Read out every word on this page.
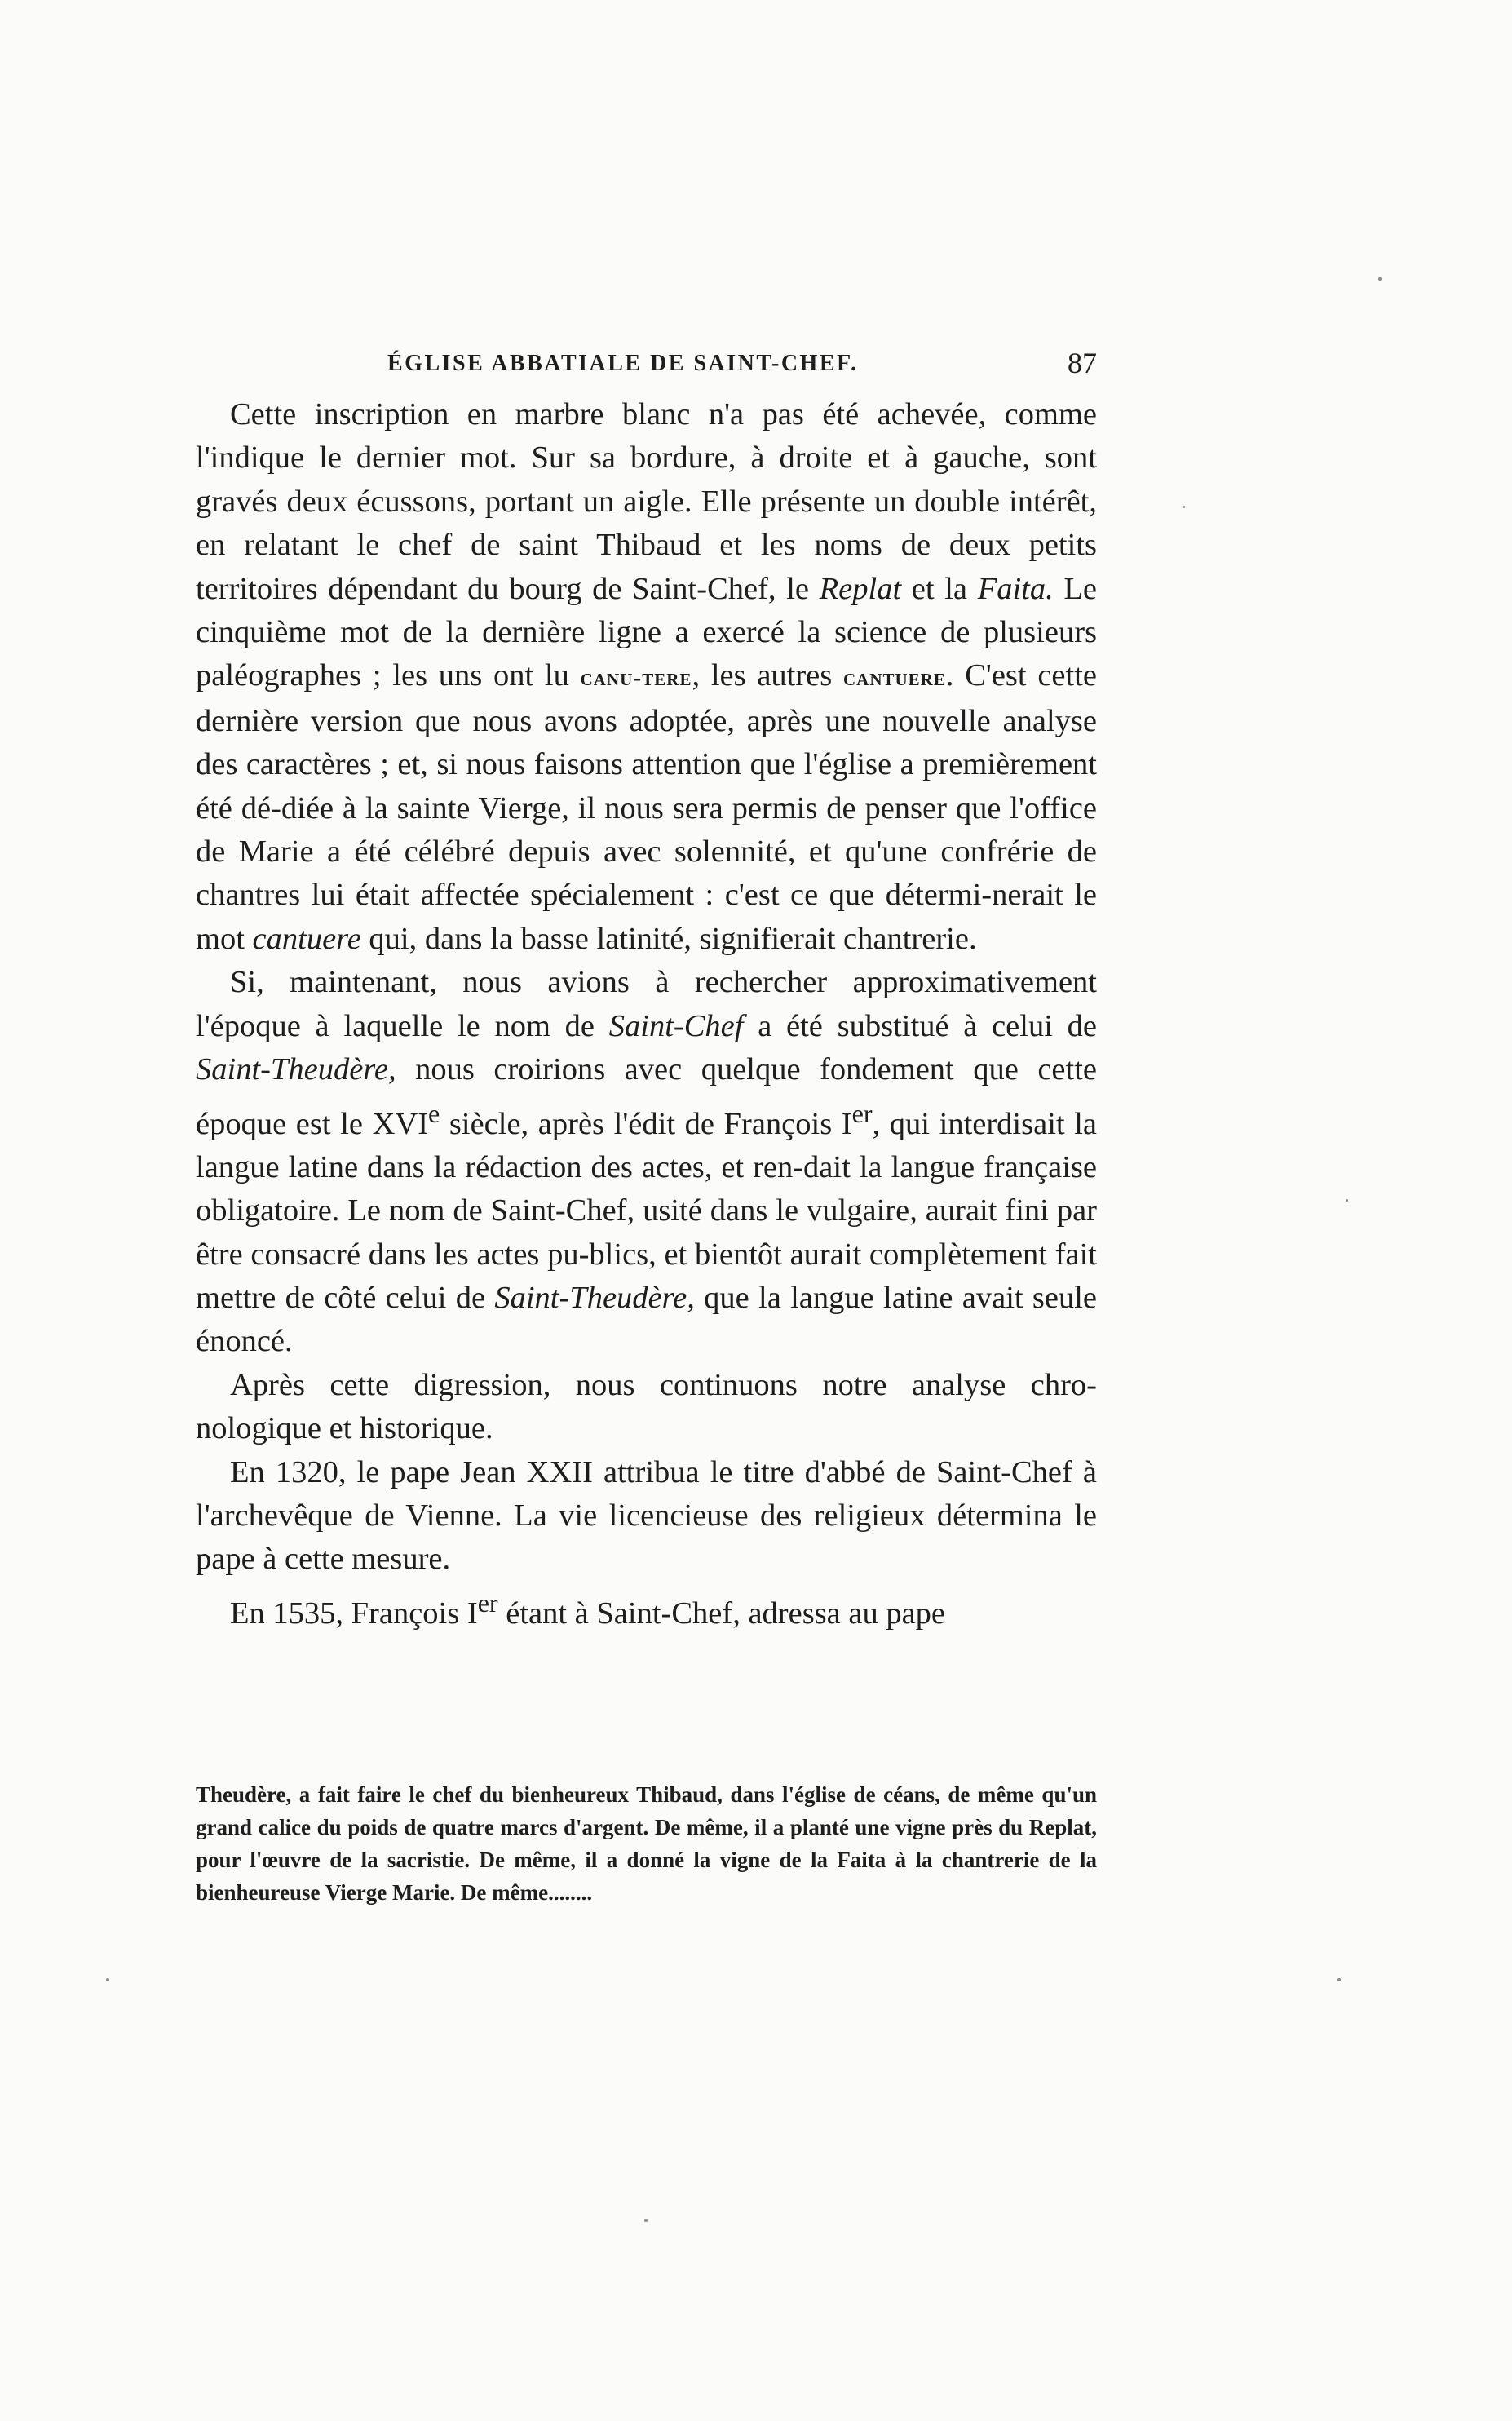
ÉGLISE ABBATIALE DE SAINT-CHEF.	87

Cette inscription en marbre blanc n'a pas été achevée, comme l'indique le dernier mot. Sur sa bordure, à droite et à gauche, sont gravés deux écussons, portant un aigle. Elle présente un double intérêt, en relatant le chef de saint Thibaud et les noms de deux petits territoires dépendant du bourg de Saint-Chef, le Replat et la Faita. Le cinquième mot de la dernière ligne a exercé la science de plusieurs paléographes ; les uns ont lu canu-tere, les autres cantuere. C'est cette dernière version que nous avons adoptée, après une nouvelle analyse des caractères ; et, si nous faisons attention que l'église a premièrement été dé-diée à la sainte Vierge, il nous sera permis de penser que l'office de Marie a été célébré depuis avec solennité, et qu'une confrérie de chantres lui était affectée spécialement : c'est ce que détermi-nerait le mot cantuere qui, dans la basse latinité, signifierait chantrerie.

Si, maintenant, nous avions à rechercher approximativement l'époque à laquelle le nom de Saint-Chef a été substitué à celui de Saint-Theudère, nous croirions avec quelque fondement que cette époque est le XVIe siècle, après l'édit de François Ier, qui interdisait la langue latine dans la rédaction des actes, et ren-dait la langue française obligatoire. Le nom de Saint-Chef, usité dans le vulgaire, aurait fini par être consacré dans les actes pu-blics, et bientôt aurait complètement fait mettre de côté celui de Saint-Theudère, que la langue latine avait seule énoncé.

Après cette digression, nous continuons notre analyse chro-nologique et historique.

En 1320, le pape Jean XXII attribua le titre d'abbé de Saint-Chef à l'archevêque de Vienne. La vie licencieuse des religieux détermina le pape à cette mesure.

En 1535, François Ier étant à Saint-Chef, adressa au pape

Theudère, a fait faire le chef du bienheureux Thibaud, dans l'église de céans, de même qu'un grand calice du poids de quatre marcs d'argent. De même, il a planté une vigne près du Replat, pour l'œuvre de la sacristie. De même, il a donné la vigne de la Faita à la chantrerie de la bienheureuse Vierge Marie. De même........
